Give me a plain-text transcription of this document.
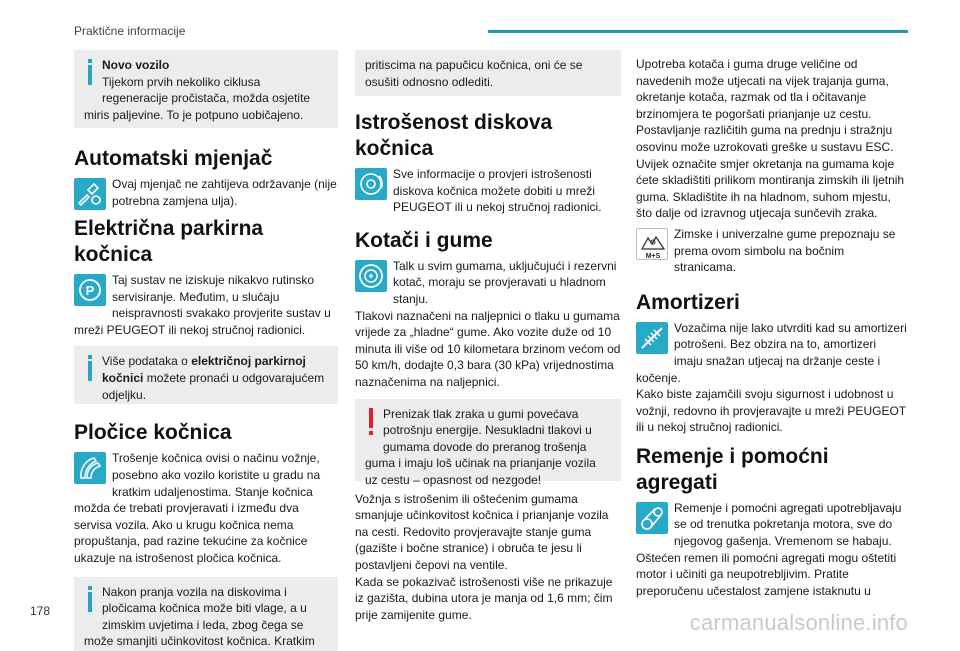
Praktične informacije
Novo vozilo
Tijekom prvih nekoliko ciklusa regeneracije pročistača, možda osjetite miris paljevine. To je potpuno uobičajeno.
Automatski mjenjač

Ovaj mjenjač ne zahtijeva održavanje (nije potrebna zamjena ulja).

Električna parkirna kočnica
P

Taj sustav ne iziskuje nikakvo rutinsko servisiranje. Međutim, u slučaju neispravnosti svakako provjerite sustav u mreži PEUGEOT ili nekoj stručnoj radionici.

Više podataka o električnoj parkirnoj kočnici možete pronaći u odgovarajućem odjeljku.
Pločice kočnica

Trošenje kočnica ovisi o načinu vožnje, posebno ako vozilo koristite u gradu na kratkim udaljenostima. Stanje kočnica možda će trebati provjeravati i između dva servisa vozila. Ako u krugu kočnica nema propuštanja, pad razine tekućine za kočnice ukazuje na istrošenost pločica kočnica.

Nakon pranja vozila na diskovima i pločicama kočnica može biti vlage, a u zimskim uvjetima i leda, zbog čega se može smanjiti učinkovitost kočnica. Kratkim
pritiscima na papučicu kočnica, oni će se osušiti odnosno odlediti.
Istrošenost diskova kočnica

Sve informacije o provjeri istrošenosti diskova kočnica možete dobiti u mreži PEUGEOT ili u nekoj stručnoj radionici.

Kotači i gume

Talk u svim gumama, uključujući i rezervni kotač, moraju se provjeravati u hladnom stanju.

Tlakovi naznačeni na naljepnici o tlaku u gumama vrijede za „hladne“ gume. Ako vozite duže od 10 minuta ili više od 10 kilometara brzinom većom od 50 km/h, dodajte 0,3 bara (30 kPa) vrijednostima naznačenima na naljepnici.

Prenizak tlak zraka u gumi povećava potrošnju energije. Nesukladni tlakovi u gumama dovode do preranog trošenja guma i imaju loš učinak na prianjanje vozila uz cestu – opasnost od nezgode!

Vožnja s istrošenim ili oštećenim gumama smanjuje učinkovitost kočnica i prianjanje vozila na cesti. Redovito provjeravajte stanje guma (gazište i bočne stranice) i obruča te jesu li postavljeni čepovi na ventile.

Kada se pokazivač istrošenosti više ne prikazuje iz gazišta, dubina utora je manja od 1,6 mm; čim prije zamijenite gume.

Upotreba kotača i guma druge veličine od navedenih može utjecati na vijek trajanja guma, okretanje kotača, razmak od tla i očitavanje brzinomjera te pogoršati prianjanje uz cestu. Postavljanje različitih guma na prednju i stražnju osovinu može uzrokovati greške u sustavu ESC. Uvijek označite smjer okretanja na gumama koje ćete skladištiti prilikom montiranja zimskih ili ljetnih guma. Skladištite ih na hladnom, suhom mjestu, što dalje od izravnog utjecaja sunčevih zraka.

M+S

Zimske i univerzalne gume prepoznaju se prema ovom simbolu na bočnim stranicama.

Amortizeri

Vozačima nije lako utvrditi kad su amortizeri potrošeni. Bez obzira na to, amortizeri imaju snažan utjecaj na držanje ceste i kočenje.

Kako biste zajamčili svoju sigurnost i udobnost u vožnji, redovno ih provjeravajte u mreži PEUGEOT ili u nekoj stručnoj radionici.

Remenje i pomoćni agregati

Remenje i pomoćni agregati upotrebljavaju se od trenutka pokretanja motora, sve do njegovog gašenja. Vremenom se habaju.

Oštećen remen ili pomoćni agregati mogu oštetiti motor i učiniti ga neupotrebljivim. Pratite preporučenu učestalost zamjene istaknutu u

178	carmanualsonline.info
